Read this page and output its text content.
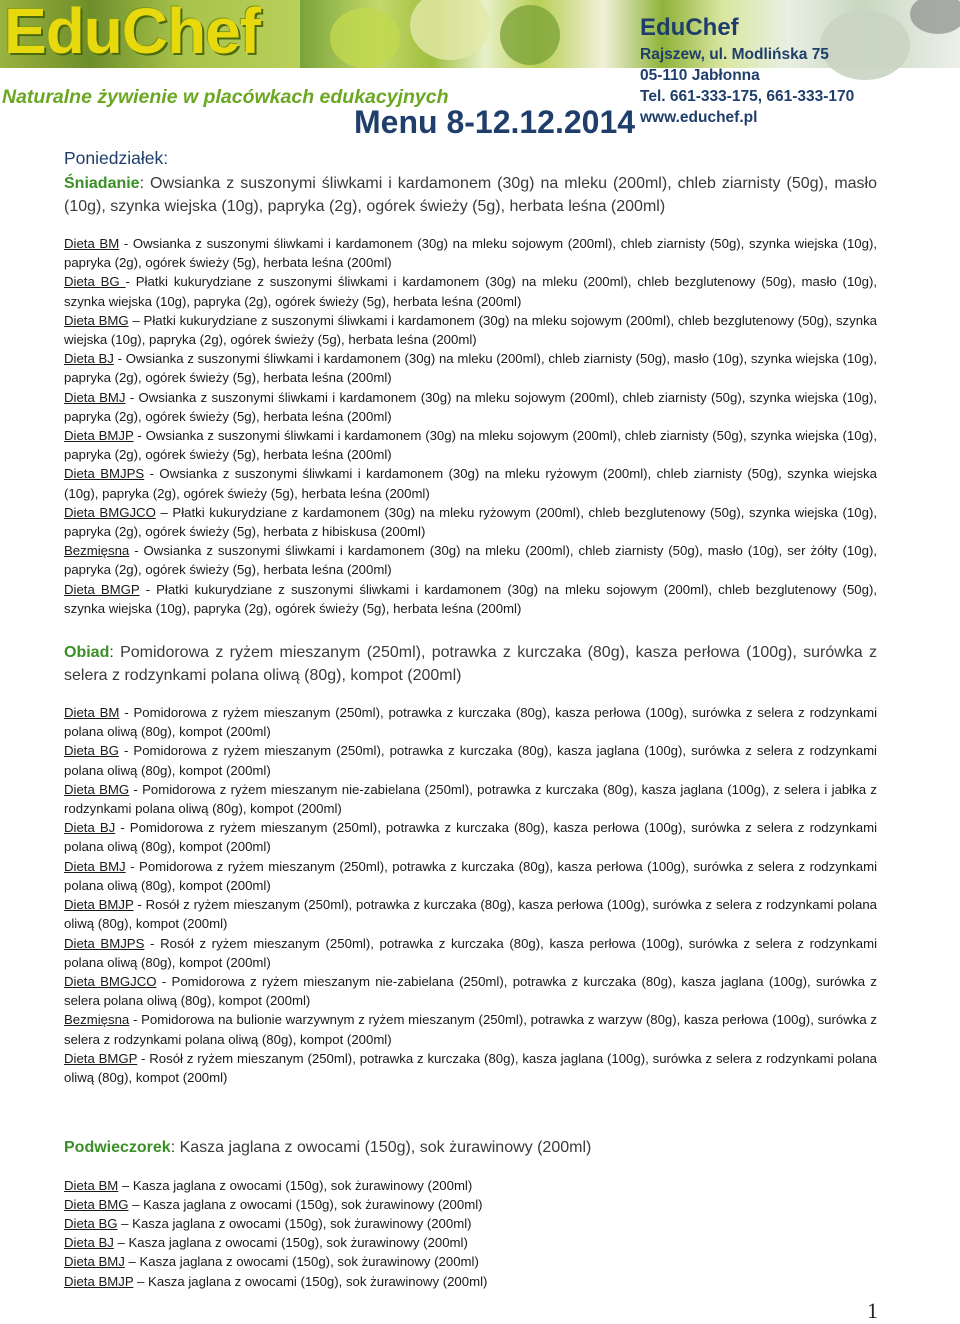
EduChef
Naturalne żywienie w placówkach edukacyjnych
Menu 8-12.12.2014
EduChef
Rajszew, ul. Modlińska 75
05-110 Jabłonna
Tel. 661-333-175, 661-333-170
www.educhef.pl
Poniedziałek:
Śniadanie: Owsianka z suszonymi śliwkami i kardamonem (30g) na mleku (200ml), chleb ziarnisty (50g), masło (10g), szynka wiejska (10g), papryka (2g), ogórek świeży (5g), herbata leśna (200ml)
Dieta BM - Owsianka z suszonymi śliwkami i kardamonem (30g) na mleku sojowym (200ml), chleb ziarnisty (50g), szynka wiejska (10g), papryka (2g), ogórek świeży (5g), herbata leśna (200ml)
Dieta BG - Płatki kukurydziane z suszonymi śliwkami i kardamonem (30g) na mleku (200ml), chleb bezglutenowy (50g), masło (10g), szynka wiejska (10g), papryka (2g), ogórek świeży (5g), herbata leśna (200ml)
Dieta BMG – Płatki kukurydziane z suszonymi śliwkami i kardamonem (30g) na mleku sojowym (200ml), chleb bezglutenowy (50g), szynka wiejska (10g), papryka (2g), ogórek świeży (5g), herbata leśna (200ml)
Dieta BJ - Owsianka z suszonymi śliwkami i kardamonem (30g) na mleku (200ml), chleb ziarnisty (50g), masło (10g), szynka wiejska (10g), papryka (2g), ogórek świeży (5g), herbata leśna (200ml)
Dieta BMJ - Owsianka z suszonymi śliwkami i kardamonem (30g) na mleku sojowym (200ml), chleb ziarnisty (50g), szynka wiejska (10g), papryka (2g), ogórek świeży (5g), herbata leśna (200ml)
Dieta BMJP - Owsianka z suszonymi śliwkami i kardamonem (30g) na mleku sojowym (200ml), chleb ziarnisty (50g), szynka wiejska (10g), papryka (2g), ogórek świeży (5g), herbata leśna (200ml)
Dieta BMJPS - Owsianka z suszonymi śliwkami i kardamonem (30g) na mleku ryżowym (200ml), chleb ziarnisty (50g), szynka wiejska (10g), papryka (2g), ogórek świeży (5g), herbata leśna (200ml)
Dieta BMGJCO – Płatki kukurydziane z kardamonem (30g) na mleku ryżowym (200ml), chleb bezglutenowy (50g), szynka wiejska (10g), papryka (2g), ogórek świeży (5g), herbata z hibiskusa (200ml)
Bezmięsna - Owsianka z suszonymi śliwkami i kardamonem (30g) na mleku (200ml), chleb ziarnisty (50g), masło (10g), ser żółty (10g), papryka (2g), ogórek świeży (5g), herbata leśna (200ml)
Dieta BMGP - Płatki kukurydziane z suszonymi śliwkami i kardamonem (30g) na mleku sojowym (200ml), chleb bezglutenowy (50g), szynka wiejska (10g), papryka (2g), ogórek świeży (5g), herbata leśna (200ml)
Obiad: Pomidorowa z ryżem mieszanym (250ml), potrawka z kurczaka (80g), kasza perłowa (100g), surówka z selera z rodzynkami polana oliwą (80g), kompot (200ml)
Dieta BM - Pomidorowa z ryżem mieszanym (250ml), potrawka z kurczaka (80g), kasza perłowa (100g), surówka z selera z rodzynkami polana oliwą (80g), kompot (200ml)
Dieta BG - Pomidorowa z ryżem mieszanym (250ml), potrawka z kurczaka (80g), kasza jaglana (100g), surówka z selera z rodzynkami polana oliwą (80g), kompot (200ml)
Dieta BMG - Pomidorowa z ryżem mieszanym nie-zabielana (250ml), potrawka z kurczaka (80g), kasza jaglana (100g), z selera i jabłka z rodzynkami polana oliwą (80g), kompot (200ml)
Dieta BJ - Pomidorowa z ryżem mieszanym (250ml), potrawka z kurczaka (80g), kasza perłowa (100g), surówka z selera z rodzynkami polana oliwą (80g), kompot (200ml)
Dieta BMJ - Pomidorowa z ryżem mieszanym (250ml), potrawka z kurczaka (80g), kasza perłowa (100g), surówka z selera z rodzynkami polana oliwą (80g), kompot (200ml)
Dieta BMJP - Rosół z ryżem mieszanym (250ml), potrawka z kurczaka (80g), kasza perłowa (100g), surówka z selera z rodzynkami polana oliwą (80g), kompot (200ml)
Dieta BMJPS - Rosół z ryżem mieszanym (250ml), potrawka z kurczaka (80g), kasza perłowa (100g), surówka z selera z rodzynkami polana oliwą (80g), kompot (200ml)
Dieta BMGJCO - Pomidorowa z ryżem mieszanym nie-zabielana (250ml), potrawka z kurczaka (80g), kasza jaglana (100g), surówka z selera polana oliwą (80g), kompot (200ml)
Bezmięsna - Pomidorowa na bulionie warzywnym z ryżem mieszanym (250ml), potrawka z warzyw (80g), kasza perłowa (100g), surówka z selera z rodzynkami polana oliwą (80g), kompot (200ml)
Dieta BMGP - Rosół z ryżem mieszanym (250ml), potrawka z kurczaka (80g), kasza jaglana (100g), surówka z selera z rodzynkami polana oliwą (80g), kompot (200ml)
Podwieczorek: Kasza jaglana z owocami (150g), sok żurawinowy (200ml)
Dieta BM – Kasza jaglana z owocami (150g), sok żurawinowy (200ml)
Dieta BMG – Kasza jaglana z owocami (150g), sok żurawinowy (200ml)
Dieta BG – Kasza jaglana z owocami (150g), sok żurawinowy (200ml)
Dieta BJ – Kasza jaglana z owocami (150g), sok żurawinowy (200ml)
Dieta BMJ – Kasza jaglana z owocami (150g), sok żurawinowy (200ml)
Dieta BMJP – Kasza jaglana z owocami (150g), sok żurawinowy (200ml)
1
